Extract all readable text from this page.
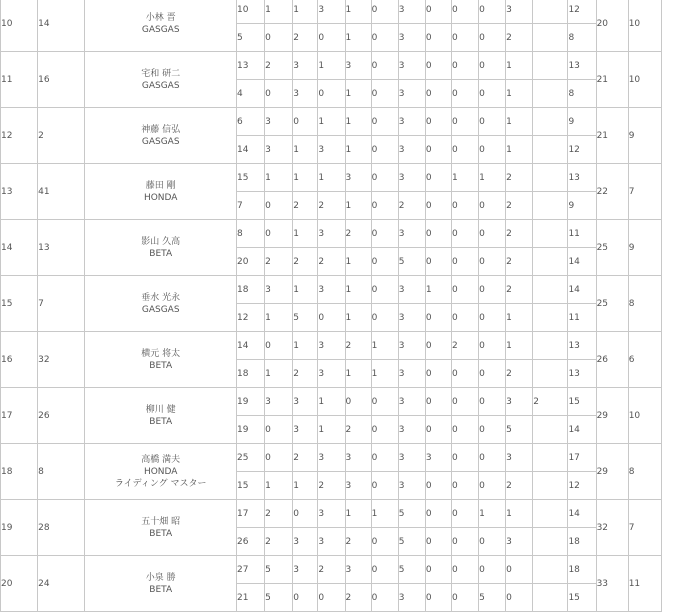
10	14	小林 晋
GASGAS	10	1	1	3	1	0	3	0	0	0	3		12	20	10
			5	0	2	0	1	0	3	0	0	0	2		8		
11	16	宅和 研二
GASGAS	13	2	3	1	3	0	3	0	0	0	1		13	21	10
			4	0	3	0	1	0	3	0	0	0	1		8		
12	2	神藤 信弘
GASGAS	6	3	0	1	1	0	3	0	0	0	1		9	21	9
			14	3	1	3	1	0	3	0	0	0	1		12		
13	41	藤田 剛
HONDA	15	1	1	1	3	0	3	0	1	1	2		13	22	7
			7	0	2	2	1	0	2	0	0	0	2		9		
14	13	影山 久高
BETA	8	0	1	3	2	0	3	0	0	0	2		11	25	9
			20	2	2	2	1	0	5	0	0	0	2		14		
15	7	垂水 光永
GASGAS	18	3	1	3	1	0	3	1	0	0	2		14	25	8
			12	1	5	0	1	0	3	0	0	0	1		11		
16	32	横元 将太
BETA	14	0	1	3	2	1	3	0	2	0	1		13	26	6
			18	1	2	3	1	1	3	0	0	0	2		13		
17	26	柳川 健
BETA	19	3	3	1	0	0	3	0	0	0	3	2	15	29	10
			19	0	3	1	2	0	3	0	0	0	5		14		
18	8	高橋 満夫
HONDA
ライディング マスター	25	0	2	3	3	0	3	3	0	0	3		17	29	8
			15	1	1	2	3	0	3	0	0	0	2		12		
19	28	五十畑 昭
BETA	17	2	0	3	1	1	5	0	0	1	1		14	32	7
			26	2	3	3	2	0	5	0	0	0	3		18		
20	24	小泉 勝
BETA	27	5	3	2	3	0	5	0	0	0	0		18	33	11
			21	5	0	0	2	0	3	0	0	5	0		15		
